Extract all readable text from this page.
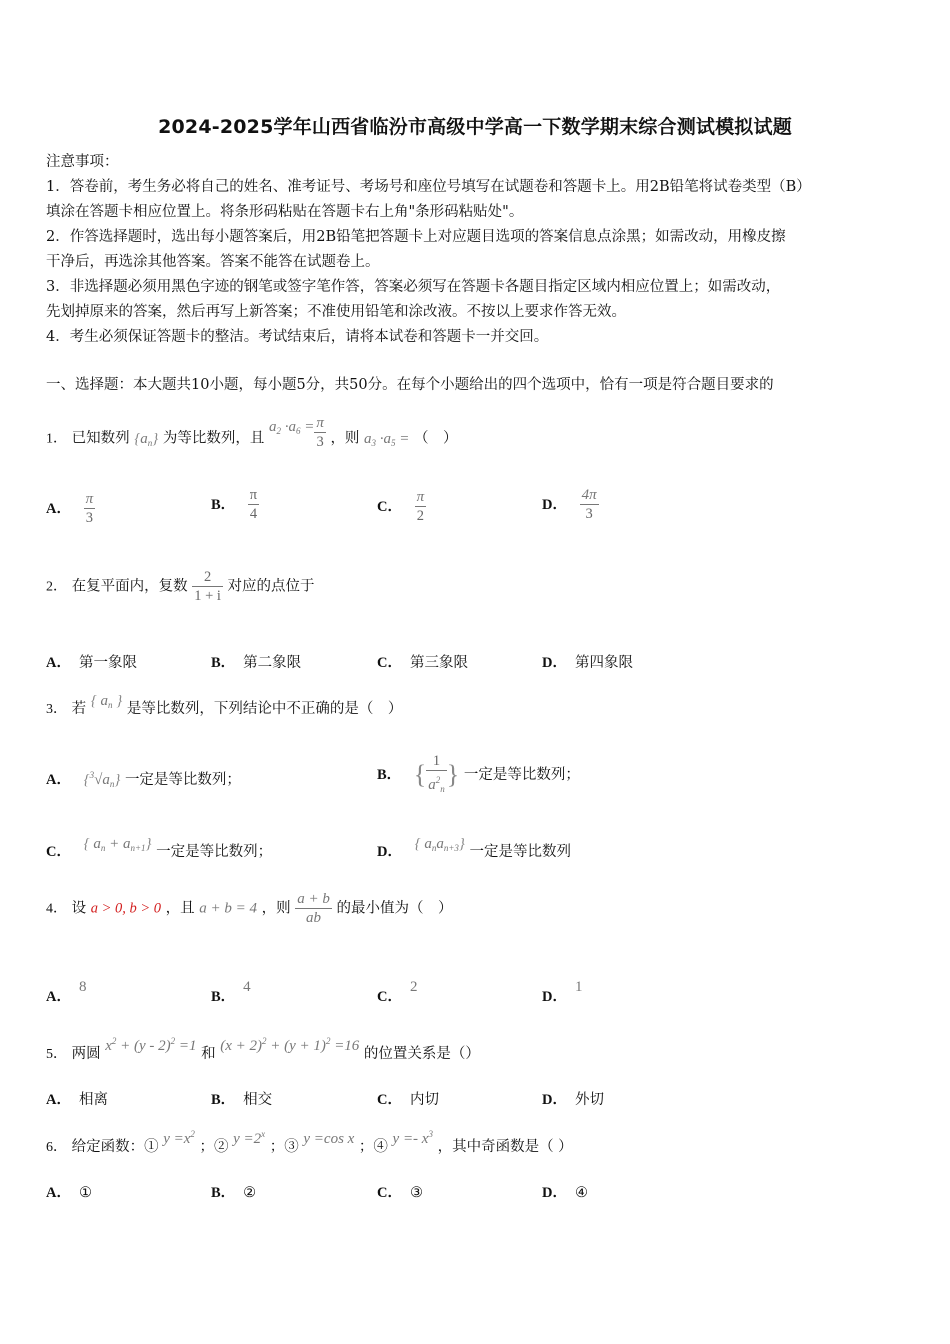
2024-2025学年山西省临汾市高级中学高一下数学期末综合测试模拟试题

注意事项：

1．答卷前，考生务必将自己的姓名、准考证号、考场号和座位号填写在试题卷和答题卡上。用2B铅笔将试卷类型（B）

填涂在答题卡相应位置上。将条形码粘贴在答题卡右上角"条形码粘贴处"。

2．作答选择题时，选出每小题答案后，用2B铅笔把答题卡上对应题目选项的答案信息点涂黑；如需改动，用橡皮擦

干净后，再选涂其他答案。答案不能答在试题卷上。

3．非选择题必须用黑色字迹的钢笔或签字笔作答，答案必须写在答题卡各题目指定区域内相应位置上；如需改动，

先划掉原来的答案，然后再写上新答案；不准使用铅笔和涂改液。不按以上要求作答无效。

4．考生必须保证答题卡的整洁。考试结束后，请将本试卷和答题卡一并交回。

一、选择题：本大题共10小题，每小题5分，共50分。在每个小题给出的四个选项中，恰有一项是符合题目要求的
1． 已知数列 $\{a_n\}$ 为等比数列，且 $a_2 \cdot a_6 = \frac{\pi}{3}$ ，则 $a_3 \cdot a_5$ = （　）
A． $\frac{\pi}{3}$	B． $\frac{\pi}{4}$	C． $\frac{\pi}{2}$	D． $\frac{4\pi}{3}$
2． 在复平面内，复数 $\frac{2}{1 + i}$ 对应的点位于
A． 第一象限	B． 第二象限	C． 第三象限	D． 第四象限
3． 若 { $a_n$ } 是等比数列，下列结论中不正确的是（　）
A． $\{^3√a_n\}$ 一定是等比数列；	B． { $\frac{1}{a^2_n}$ } 一定是等比数列；
C． { $a_n + a_{n+1}$} 一定是等比数列；	D． { $a_na_{n+3}$} 一定是等比数列
4． 设 a > 0, b > 0 ，且 a + b = 4 ，则 $\frac{a + b}{ab}$ 的最小值为（　）
A．8
B．4
C．2
D．1
5． 两圆 $x^2 + (y - 2)^2 =1$ 和 $(x + 2)^2 + (y + 1)^2 =16$ 的位置关系是（）
A． 相离	B． 相交	C． 内切	D． 外切
6． 给定函数：① $y =x^2$ ；② $y =2^x$ ；③ y =cos x ；④ $y =- x^3$ ，其中奇函数是（ ）
A． ①	B． ②	C． ③	D． ④
